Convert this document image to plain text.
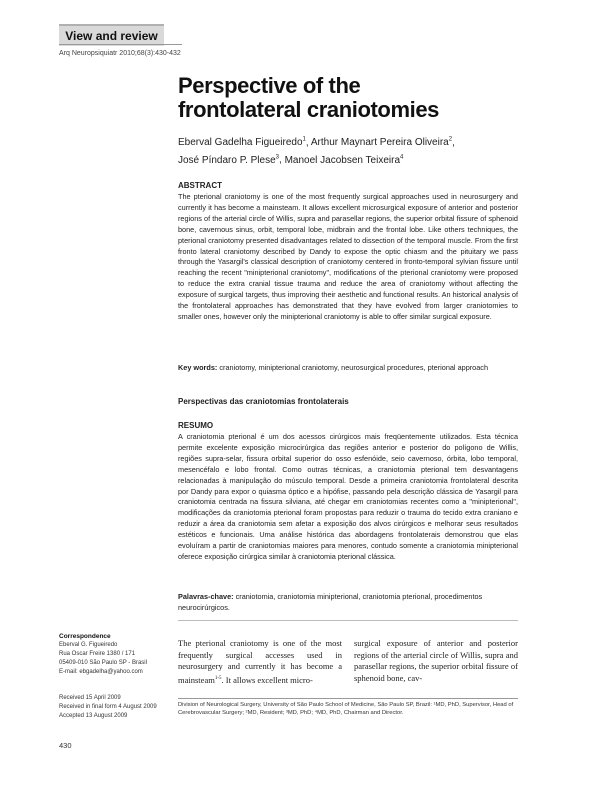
View and review
Arq Neuropsiquiatr 2010;68(3):430-432
Perspective of the
frontolateral craniotomies
Eberval Gadelha Figueiredo$^1$, Arthur Maynart Pereira Oliveira$^2$, José Píndaro P. Plese$^3$, Manoel Jacobsen Teixeira$^4$
ABSTRACT
The pterional craniotomy is one of the most frequently surgical approaches used in neurosurgery and currently it has become a mainsteam. It allows excellent microsurgical exposure of anterior and posterior regions of the arterial circle of Willis, supra and parasellar regions, the superior orbital fissure of sphenoid bone, cavernous sinus, orbit, temporal lobe, midbrain and the frontal lobe. Like others techniques, the pterional craniotomy presented disadvantages related to dissection of the temporal muscle. From the first fronto lateral craniotomy described by Dandy to expose the optic chiasm and the pituitary we pass through the Yasargil's classical description of craniotomy centered in fronto-temporal sylvian fissure until reaching the recent "minipterional craniotomy", modifications of the pterional craniotomy were proposed to reduce the extra cranial tissue trauma and reduce the area of craniotomy without affecting the exposure of surgical targets, thus improving their aesthetic and functional results. An historical analysis of the frontolateral approaches has demonstrated that they have evolved from larger craniotomies to smaller ones, however only the minipterional craniotomy is able to offer similar surgical exposure.
Key words: craniotomy, minipterional craniotomy, neurosurgical procedures, pterional approach
Perspectivas das craniotomias frontolaterais
RESUMO
A craniotomia pterional é um dos acessos cirúrgicos mais freqüentemente utilizados. Esta técnica permite excelente exposição microcirúrgica das regiões anterior e posterior do polígono de Willis, regiões supra-selar, fissura orbital superior do osso esfenóide, seio cavernoso, órbita, lobo temporal, mesencéfalo e lobo frontal. Como outras técnicas, a craniotomia pterional tem desvantagens relacionadas à manipulação do músculo temporal. Desde a primeira craniotomia frontolateral descrita por Dandy para expor o quiasma óptico e a hipófise, passando pela descrição clássica de Yasargil para craniotomia centrada na fissura silviana, até chegar em craniotomias recentes como a "minipterional", modificações da craniotomia pterional foram propostas para reduzir o trauma do tecido extra craniano e reduzir a área da craniotomia sem afetar a exposição dos alvos cirúrgicos e melhorar seus resultados estéticos e funcionais. Uma análise histórica das abordagens frontolaterais demonstrou que elas evoluíram a partir de craniotomias maiores para menores, contudo somente a craniotomia minipterional oferece exposição cirúrgica similar à craniotomia pterional clássica.
Palavras-chave: craniotomia, craniotomia minipterional, craniotomia pterional, procedimentos neurocirúrgicos.
Correspondence
Eberval G. Figueiredo
Rua Oscar Freire 1380 / 171
05409-010 São Paulo SP - Brasil
E-mail: ebgadelha@yahoo.com
Received 15 April 2009
Received in final form 4 August 2009
Accepted 13 August 2009
The pterional craniotomy is one of the most frequently surgical accesses used in neurosurgery and currently it has become a mainsteam$^{1-5}$. It allows excellent micro-
surgical exposure of anterior and posterior regions of the arterial circle of Willis, supra and parasellar regions, the superior orbital fissure of sphenoid bone, cav-
Division of Neurological Surgery, University of São Paulo School of Medicine, São Paulo SP, Brazil: ¹MD, PhD, Supervisor, Head of Cerebrovascular Surgery; ²MD, Resident; ³MD, PhD; ⁴MD, PhD, Chairman and Director.
430
